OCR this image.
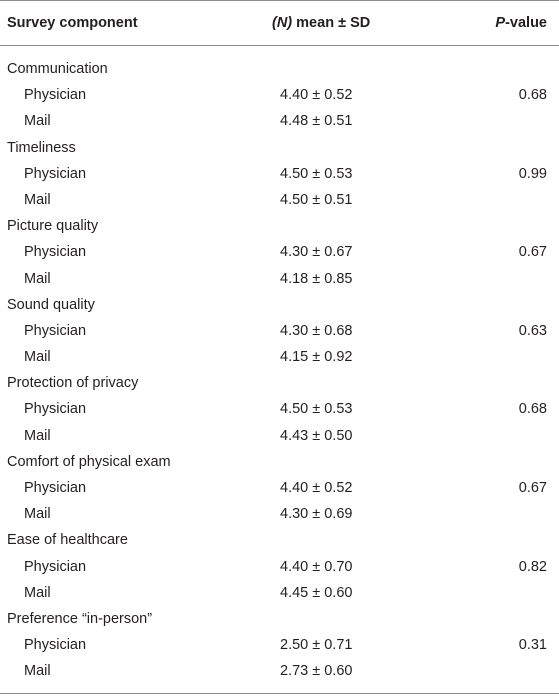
Survey component	(N) mean ± SD	P-value
Communication
Physician	4.40 ± 0.52	0.68
Mail	4.48 ± 0.51
Timeliness
Physician	4.50 ± 0.53	0.99
Mail	4.50 ± 0.51
Picture quality
Physician	4.30 ± 0.67	0.67
Mail	4.18 ± 0.85
Sound quality
Physician	4.30 ± 0.68	0.63
Mail	4.15 ± 0.92
Protection of privacy
Physician	4.50 ± 0.53	0.68
Mail	4.43 ± 0.50
Comfort of physical exam
Physician	4.40 ± 0.52	0.67
Mail	4.30 ± 0.69
Ease of healthcare
Physician	4.40 ± 0.70	0.82
Mail	4.45 ± 0.60
Preference “in-person”
Physician	2.50 ± 0.71	0.31
Mail	2.73 ± 0.60
